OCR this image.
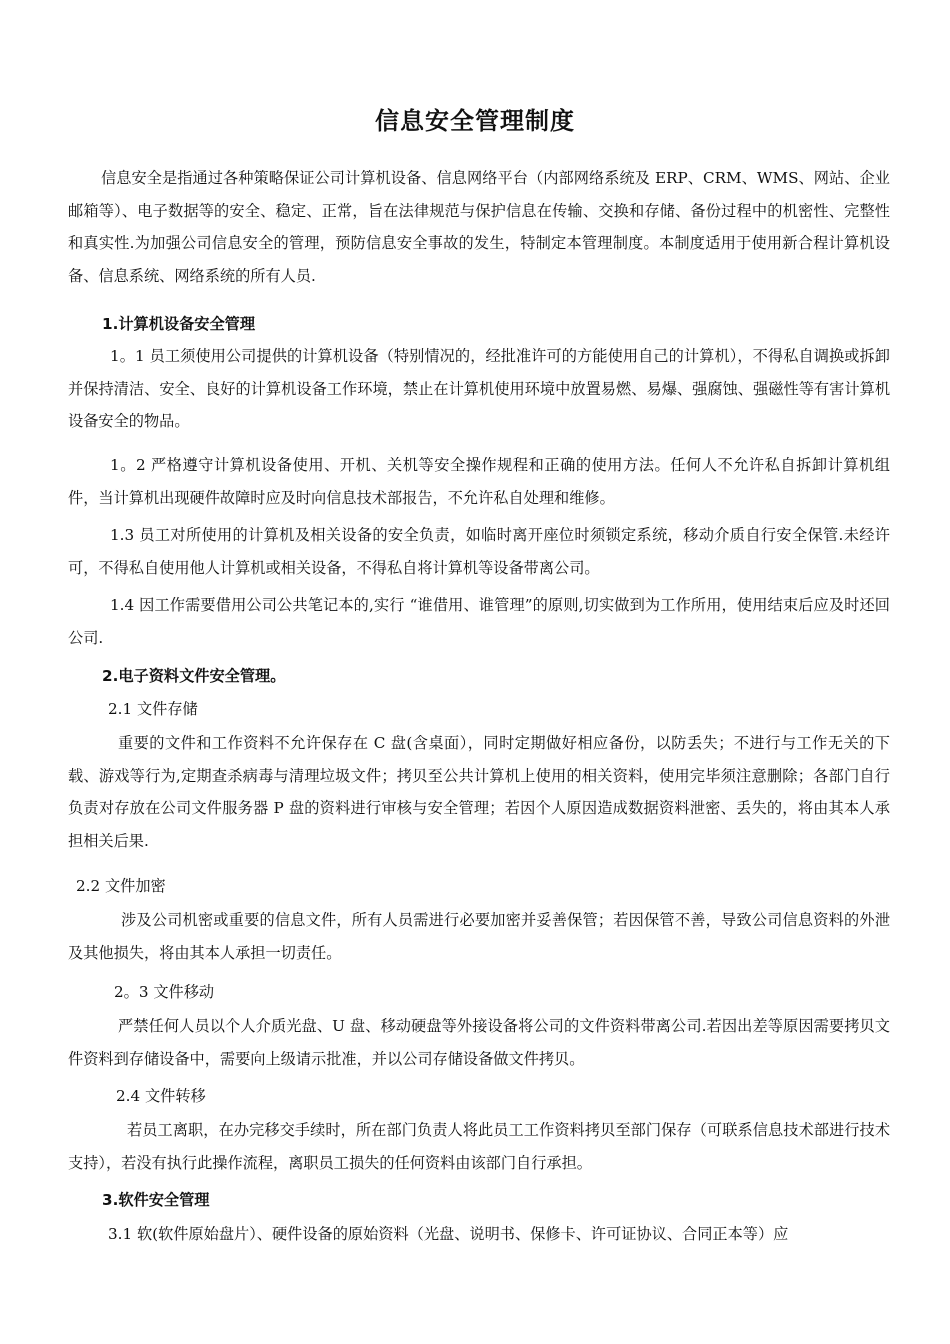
信息安全管理制度

信息安全是指通过各种策略保证公司计算机设备、信息网络平台（内部网络系统及 ERP、CRM、WMS、网站、企业邮箱等）、电子数据等的安全、稳定、正常，旨在法律规范与保护信息在传输、交换和存储、备份过程中的机密性、完整性和真实性.为加强公司信息安全的管理，预防信息安全事故的发生，特制定本管理制度。本制度适用于使用新合程计算机设备、信息系统、网络系统的所有人员.

1.计算机设备安全管理

1。1 员工须使用公司提供的计算机设备（特别情况的，经批准许可的方能使用自己的计算机），不得私自调换或拆卸并保持清洁、安全、良好的计算机设备工作环境，禁止在计算机使用环境中放置易燃、易爆、强腐蚀、强磁性等有害计算机设备安全的物品。

1。2 严格遵守计算机设备使用、开机、关机等安全操作规程和正确的使用方法。任何人不允许私自拆卸计算机组件，当计算机出现硬件故障时应及时向信息技术部报告，不允许私自处理和维修。

1.3 员工对所使用的计算机及相关设备的安全负责，如临时离开座位时须锁定系统，移动介质自行安全保管.未经许可，不得私自使用他人计算机或相关设备，不得私自将计算机等设备带离公司。

1.4 因工作需要借用公司公共笔记本的,实行 “谁借用、谁管理”的原则,切实做到为工作所用，使用结束后应及时还回公司.

2.电子资料文件安全管理。
2.1 文件存储

重要的文件和工作资料不允许保存在 C 盘(含桌面），同时定期做好相应备份，以防丢失；不进行与工作无关的下载、游戏等行为,定期查杀病毒与清理垃圾文件；拷贝至公共计算机上使用的相关资料，使用完毕须注意删除；各部门自行负责对存放在公司文件服务器 P 盘的资料进行审核与安全管理；若因个人原因造成数据资料泄密、丢失的，将由其本人承担相关后果.

2.2 文件加密

涉及公司机密或重要的信息文件，所有人员需进行必要加密并妥善保管；若因保管不善，导致公司信息资料的外泄及其他损失，将由其本人承担一切责任。

2。3 文件移动

严禁任何人员以个人介质光盘、U 盘、移动硬盘等外接设备将公司的文件资料带离公司.若因出差等原因需要拷贝文件资料到存储设备中，需要向上级请示批准，并以公司存储设备做文件拷贝。

2.4 文件转移

若员工离职，在办完移交手续时，所在部门负责人将此员工工作资料拷贝至部门保存（可联系信息技术部进行技术支持），若没有执行此操作流程，离职员工损失的任何资料由该部门自行承担。

3.软件安全管理

3.1 软(软件原始盘片）、硬件设备的原始资料（光盘、说明书、保修卡、许可证协议、合同正本等）应
